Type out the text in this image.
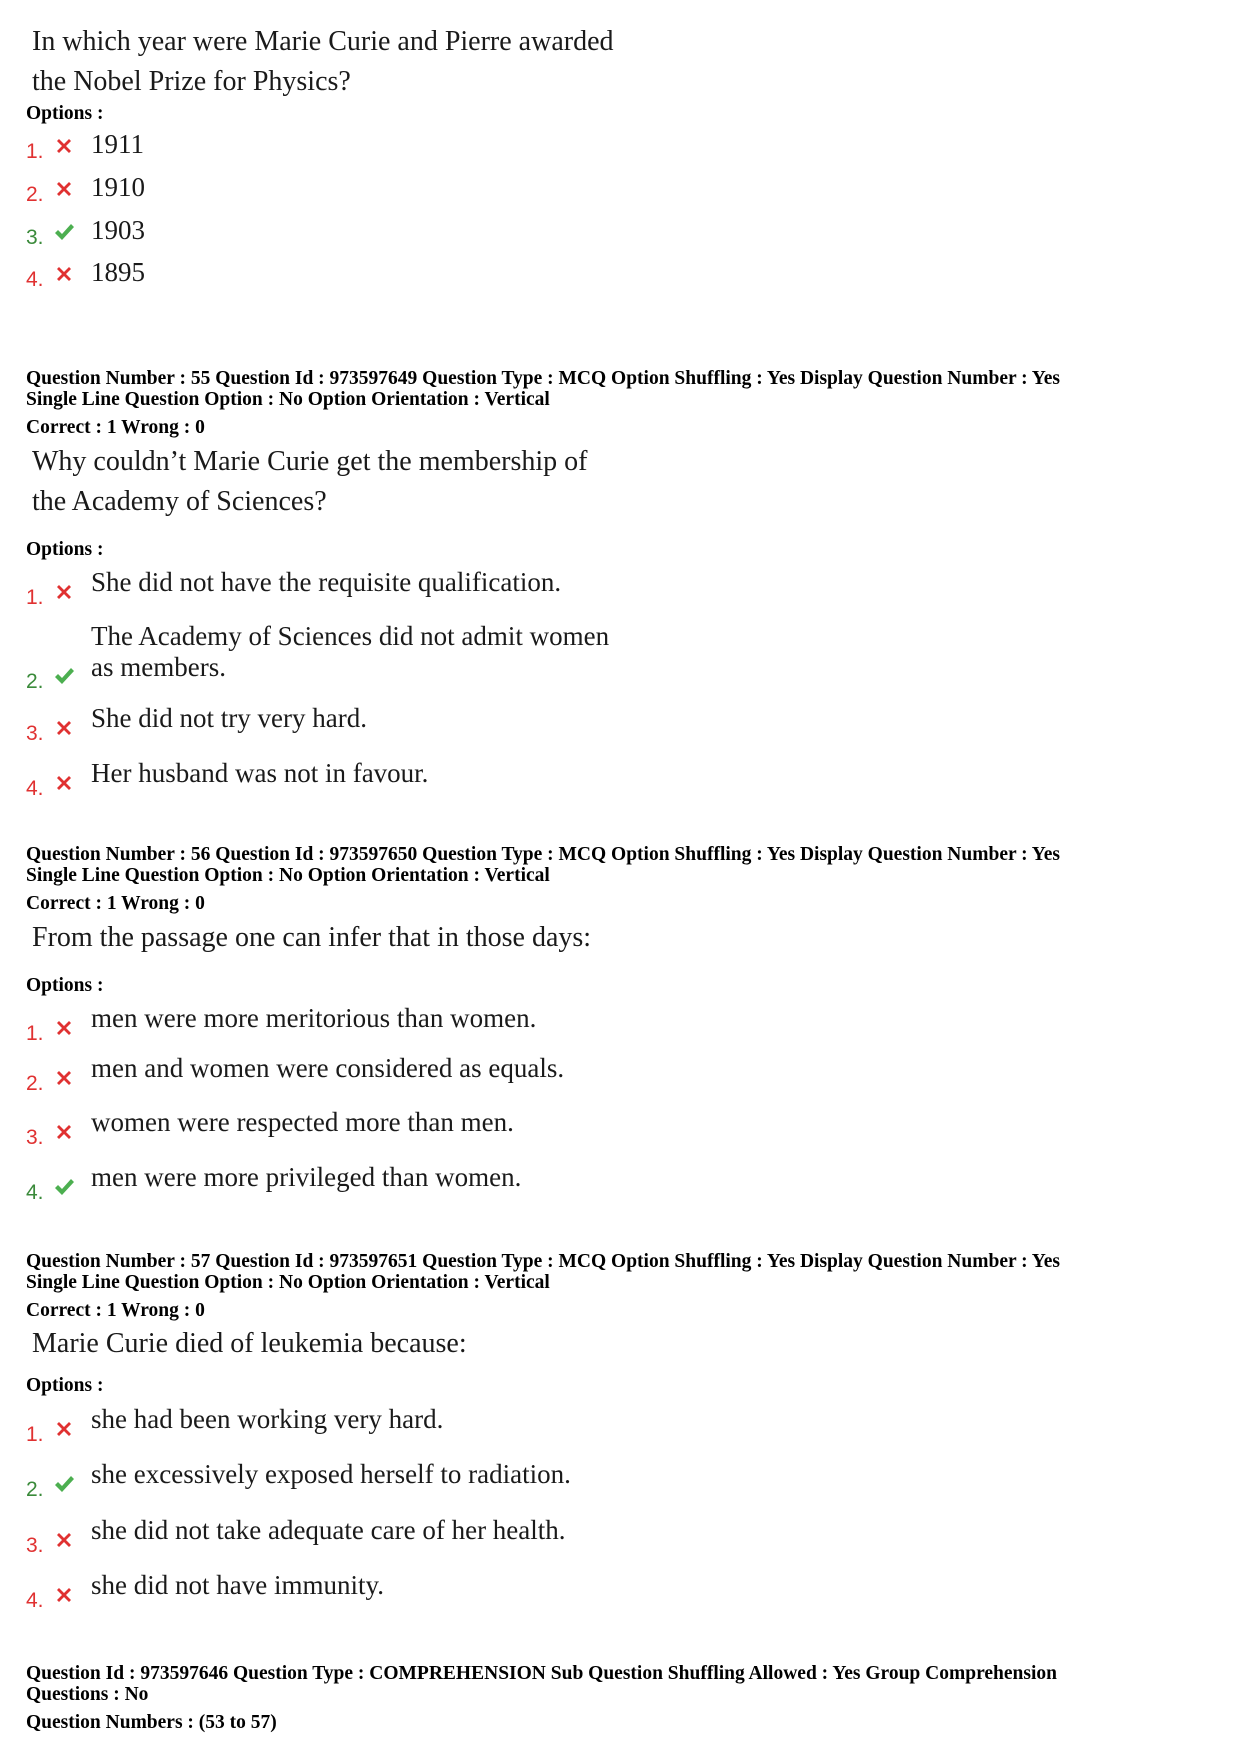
In which year were Marie Curie and Pierre awarded
the Nobel Prize for Physics?
Options :
1. 1911
2. 1910
3. 1903
4. 1895
Question Number : 55 Question Id : 973597649 Question Type : MCQ Option Shuffling : Yes Display Question Number : Yes
Single Line Question Option : No Option Orientation : Vertical
Correct : 1 Wrong : 0
Why couldn’t Marie Curie get the membership of
the Academy of Sciences?
Options :
1.
She did not have the requisite qualification.
2.
The Academy of Sciences did not admit women
as members.
3.
She did not try very hard.
4.
Her husband was not in favour.
Question Number : 56 Question Id : 973597650 Question Type : MCQ Option Shuffling : Yes Display Question Number : Yes
Single Line Question Option : No Option Orientation : Vertical
Correct : 1 Wrong : 0
From the passage one can infer that in those days:
Options :
1.
men were more meritorious than women.
2.
men and women were considered as equals.
3.
women were respected more than men.
4.
men were more privileged than women.
Question Number : 57 Question Id : 973597651 Question Type : MCQ Option Shuffling : Yes Display Question Number : Yes
Single Line Question Option : No Option Orientation : Vertical
Correct : 1 Wrong : 0
Marie Curie died of leukemia because:
Options :
1.
she had been working very hard.
2.
she excessively exposed herself to radiation.
3.
she did not take adequate care of her health.
4.
she did not have immunity.
Question Id : 973597646 Question Type : COMPREHENSION Sub Question Shuffling Allowed : Yes Group Comprehension
Questions : No
Question Numbers : (53 to 57)
